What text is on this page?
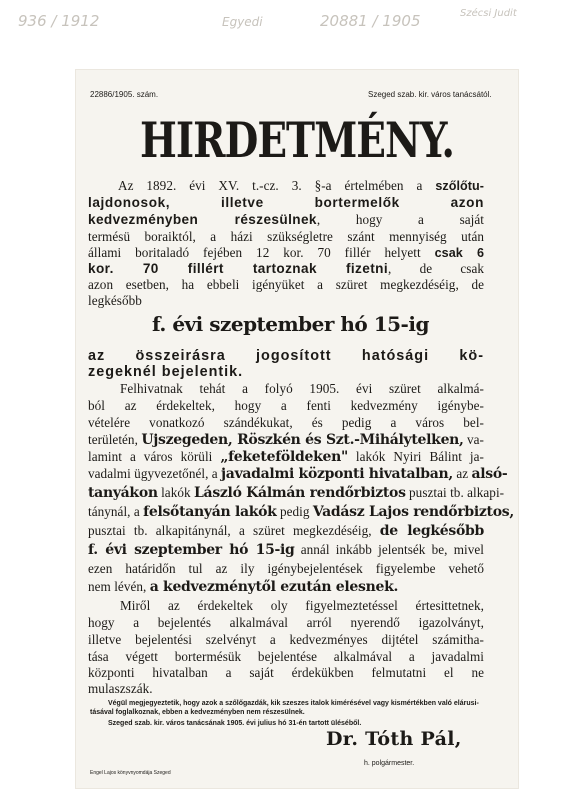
936 / 1912	Egyedi	20881 / 1905	Szécsi Judit
22886/1905. szám.	Szeged szab. kir. város tanácsától.
HIRDETMÉNY.
Az 1892. évi XV. t.-cz. 3. §-a értelmében a szőlőtu-
lajdonosok, illetve bortermelők azon
kedvezményben részesülnek, hogy a saját
termésü boraiktól, a házi szükségletre szánt mennyiség után
állami boritaladó fejében 12 kor. 70 fillér helyett csak 6
kor. 70 fillért tartoznak fizetni, de csak
azon esetben, ha ebbeli igényüket a szüret megkezdéséig, de
legkésőbb
f. évi szeptember hó 15-ig
az összeirásra jogosított hatósági kö-
zegeknél bejelentik.
Felhivatnak tehát a folyó 1905. évi szüret alkalmá-
ból az érdekeltek, hogy a fenti kedvezmény igénybe-
vételére vonatkozó szándékukat, és pedig a város bel-
területén, Ujszegeden, Röszkén és Szt.-Mihálytelken, va-
lamint a város körüli „feketeföldeken" lakók Nyiri Bálint ja-
vadalmi ügyvezetőnél, a javadalmi központi hivatalban, az alsó-
tanyákon lakók László Kálmán rendőrbiztos pusztai tb. alkapi-
tánynál, a felsőtanyán lakók pedig Vadász Lajos rendőrbiztos,
pusztai tb. alkapitánynál, a szüret megkezdéséig, de legkésőbb
f. évi szeptember hó 15-ig annál inkább jelentsék be, mivel
ezen határidőn tul az ily igénybejelentések figyelembe vehető
nem lévén, a kedvezménytől ezután elesnek.
Miről az érdekeltek oly figyelmeztetéssel értesittetnek,
hogy a bejelentés alkalmával arról nyerendő igazolványt,
illetve bejelentési szelvényt a kedvezményes dijtétel számitha-
tása végett bortermésük bejelentése alkalmával a javadalmi
központi hivatalban a saját érdekükben felmutatni el ne
mulaszszák.
Végül megjegyeztetik, hogy azok a szőlőgazdák, kik szeszes italok kimérésével vagy kismértékben való elárusi-
tásával foglalkoznak, ebben a kedvezményben nem részesülnek.
Szeged szab. kir. város tanácsának 1905. évi julius hó 31-én tartott üléséből.
Dr. Tóth Pál,
h. polgármester.
Engel Lajos könyvnyomdája Szeged
